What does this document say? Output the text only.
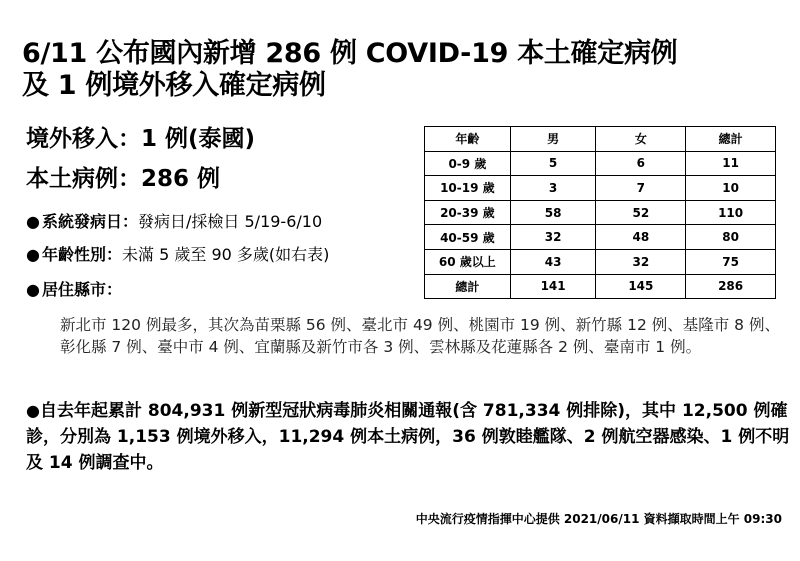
6/11 公布國內新增 286 例 COVID-19 本土確定病例
及 1 例境外移入確定病例
境外移入：1 例(泰國)
本土病例：286 例
● 系統發病日：發病日/採檢日 5/19-6/10
● 年齡性別：未滿 5 歲至 90 多歲(如右表)
● 居住縣市：
新北市 120 例最多，其次為苗栗縣 56 例、臺北市 49 例、桃園市 19 例、新竹縣 12 例、基隆市 8 例、彰化縣 7 例、臺中市 4 例、宜蘭縣及新竹市各 3 例、雲林縣及花蓮縣各 2 例、臺南市 1 例。
●自去年起累計 804,931 例新型冠狀病毒肺炎相關通報(含 781,334 例排除)，其中 12,500 例確診，分別為 1,153 例境外移入，11,294 例本土病例，36 例敦睦艦隊、2 例航空器感染、1 例不明及 14 例調查中。
年齡	男	女	總計
0-9 歲	5	6	11
10-19 歲	3	7	10
20-39 歲	58	52	110
40-59 歲	32	48	80
60 歲以上	43	32	75
總計	141	145	286
中央流行疫情指揮中心提供 2021/06/11 資料擷取時間上午 09:30
